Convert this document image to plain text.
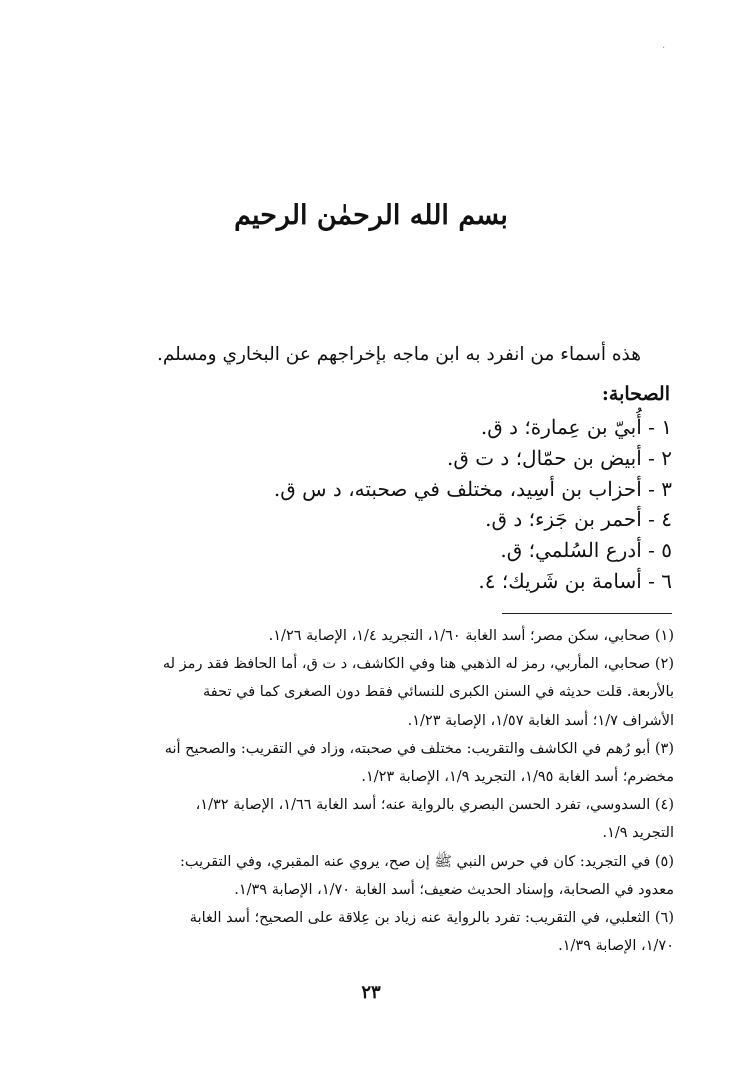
·
بسم الله الرحمٰن الرحيم
هذه أسماء من انفرد به ابن ماجه بإخراجهم عن البخاري ومسلم.
الصحابة:
١ - أُبيّ بن عِمارة؛ د ق.
٢ - أبيض بن حمّال؛ د ت ق.
٣ - أحزاب بن أسِيد، مختلف في صحبته، د س ق.
٤ - أحمر بن جَزء؛ د ق.
٥ - أدرع السُلمي؛ ق.
٦ - أسامة بن شَريك؛ ٤.
(١) صحابي، سكن مصر؛ أسد الغابة ١/٦٠، التجريد ١/٤، الإصابة ١/٢٦.
(٢) صحابي، المأربي، رمز له الذهبي هنا وفي الكاشف، د ت ق، أما الحافظ فقد رمز له
بالأربعة. قلت حديثه في السنن الكبرى للنسائي فقط دون الصغرى كما في تحفة
الأشراف ١/٧؛ أسد الغابة ١/٥٧، الإصابة ١/٢٣.
(٣) أبو رُهم في الكاشف والتقريب: مختلف في صحبته، وزاد في التقريب: والصحيح أنه
مخضرم؛ أسد الغابة ١/٩٥، التجريد ١/٩، الإصابة ١/٢٣.
(٤) السدوسي، تفرد الحسن البصري بالرواية عنه؛ أسد الغابة ١/٦٦، الإصابة ١/٣٢،
التجريد ١/٩.
(٥) في التجريد: كان في حرس النبي ﷺ إن صح، يروي عنه المقبري، وفي التقريب:
معدود في الصحابة، وإسناد الحديث ضعيف؛ أسد الغابة ١/٧٠، الإصابة ١/٣٩.
(٦) الثعلبي، في التقريب: تفرد بالرواية عنه زياد بن عِلاقة على الصحيح؛ أسد الغابة
١/٧٠، الإصابة ١/٣٩.
٢٣
